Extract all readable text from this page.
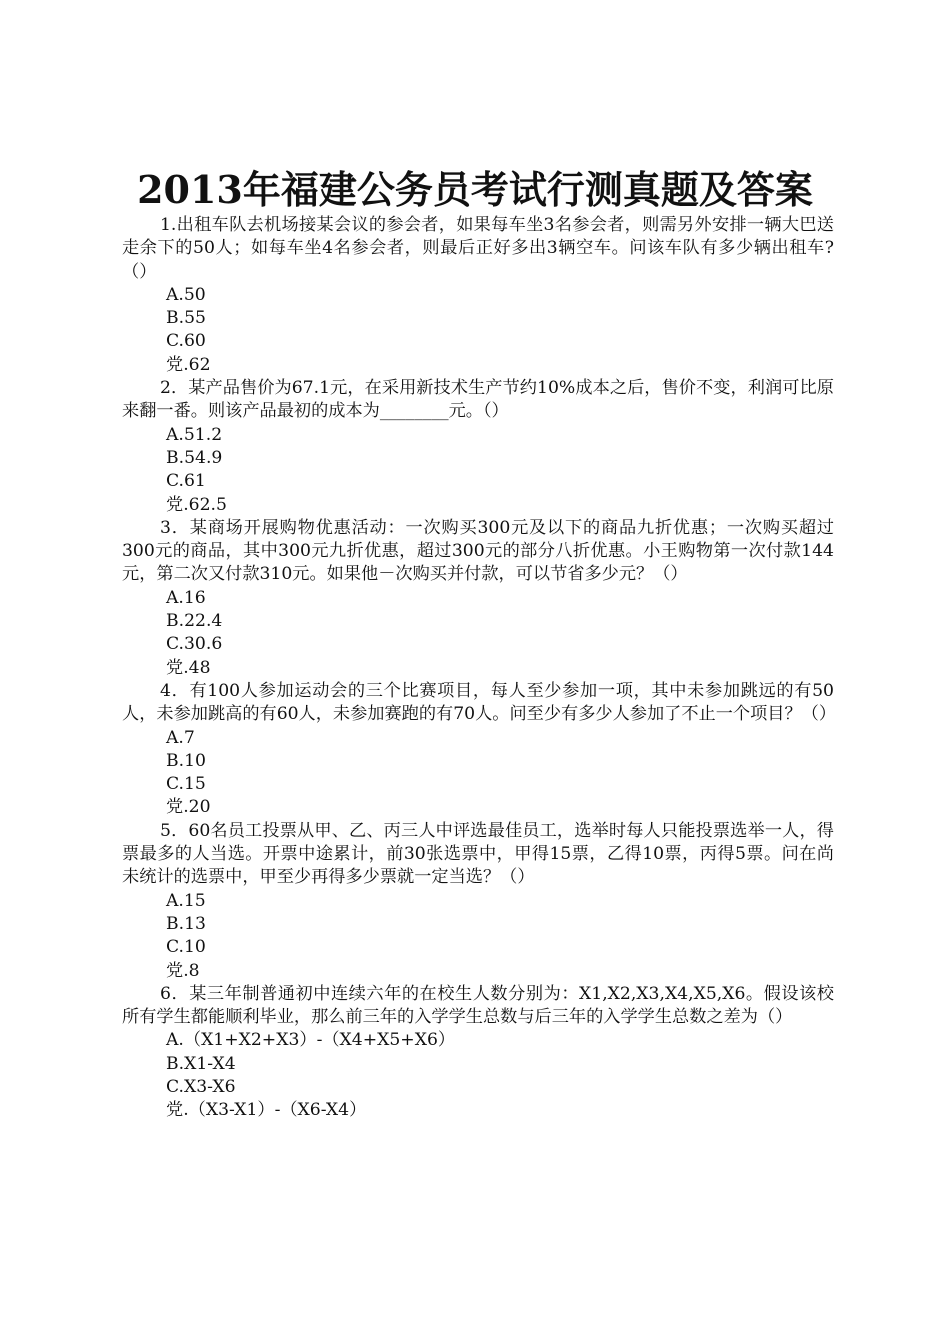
2013年福建公务员考试行测真题及答案

1.出租车队去机场接某会议的参会者，如果每车坐3名参会者，则需另外安排一辆大巴送走余下的50人；如每车坐4名参会者，则最后正好多出3辆空车。问该车队有多少辆出租车?（）

A.50

B.55

C.60

党.62

2．某产品售价为67.1元，在采用新技术生产节约10%成本之后，售价不变，利润可比原来翻一番。则该产品最初的成本为________元。（）

A.51.2

B.54.9

C.61

党.62.5

3．某商场开展购物优惠活动：一次购买300元及以下的商品九折优惠；一次购买超过300元的商品，其中300元九折优惠，超过300元的部分八折优惠。小王购物第一次付款144元，第二次又付款310元。如果他－次购买并付款，可以节省多少元？（）

A.16

B.22.4

C.30.6

党.48

4．有100人参加运动会的三个比赛项目，每人至少参加一项，其中未参加跳远的有50人，未参加跳高的有60人，未参加赛跑的有70人。问至少有多少人参加了不止一个项目？（）

A.7

B.10

C.15

党.20

5．60名员工投票从甲、乙、丙三人中评选最佳员工，选举时每人只能投票选举一人，得票最多的人当选。开票中途累计，前30张选票中，甲得15票，乙得10票，丙得5票。问在尚未统计的选票中，甲至少再得多少票就一定当选？（）

A.15

B.13

C.10

党.8

6．某三年制普通初中连续六年的在校生人数分别为：X1,X2,X3,X4,X5,X6。假设该校所有学生都能顺利毕业，那么前三年的入学学生总数与后三年的入学学生总数之差为（）

A.（X1+X2+X3）-（X4+X5+X6）

B.X1-X4

C.X3-X6

党.（X3-X1）-（X6-X4）
